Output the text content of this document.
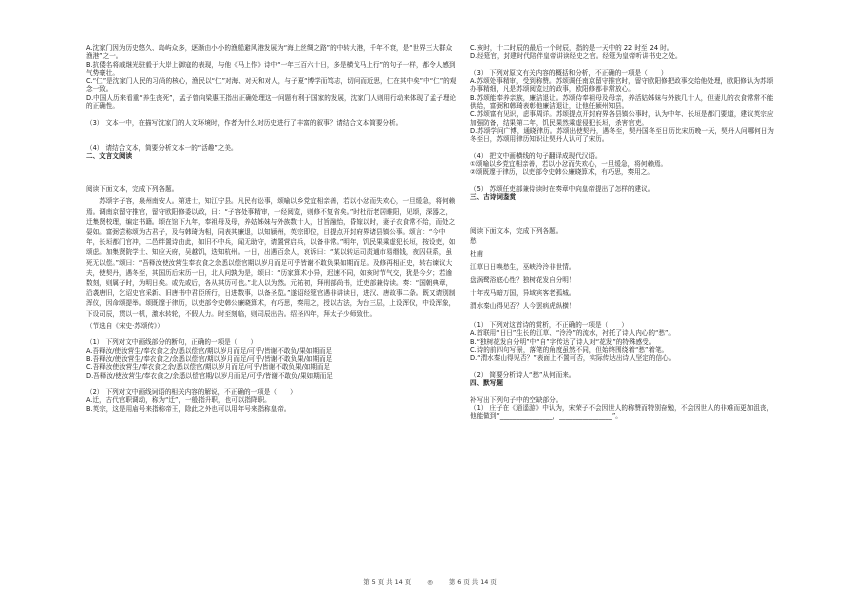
A.沈家门因为历史悠久、岛屿众多，逐渐由小小的渔船避风港发展为“海上丝绸之路”的中转大港，千年不衰，是“世界三大群众渔港”之一。

B.抗倭名将戚继光驻毅于大岸上御寇的表现，与他《马上作》诗中“一年三百六十日，多是横戈马上行”的句子一样，都令人感到气势豪壮。

C.“仁”是沈家门人民的习尚的核心，渔民以“仁”对海、对天和对人，与子夏“博学而笃志，切问而近思，仁在其中矣”中“仁”的观念一致。

D.中国人历来看重“养生丧死”，孟子曾向梁惠王指出正确处理这一问题有利于国家的发展，沈家门人则用行动来体现了孟子理论的正确性。

（3） 文本一中，在描写沈家门的人文环境时，作者为什么对历史进行了丰富的叙事？请结合文本简要分析。

（4） 请结合文本，简要分析文本一的“活趣”之美。

二、文言文阅读

阅读下面文本，完成下列各题。

苏颂字子容，泉州南安人。第进士，知江宁县。凡民有讼事，颂喻以乡党宜相亲善，若以小忿而失欢心，一旦缓急，将何赖焉。调南京留守推官，留守欧阳修委以政，曰：“子容处事精审，一经阅览，则修不复省矣。”时杜衍老居睢阳，见颂，深器之，迁集贤校理，编定书籍。颂在馆下九年，奉祖母及母，养姑姊妹与外族数十人，甘旨融怡，昏嫁以时，妻子衣食常不给，而处之晏如。富弼尝称颂为古君子，及与韩琦为相，同表其廉退，以知颍州，英宗即位，目提点开封府界诸县镇公事。颂言：“今中年，长垣都门官冲，二邑绊置诗由此，如旧不中兵，闻无助守，请置营启兵，以备非常。”明年，饥民果乘虚犯长垣，按设吏，如颂虑。加集贤院学士、知应天府，吴越饥，迭知杭州。一日，出遇百余人，哀诉曰：“某以转运司责逋市易缗钱，夜囚昼系，虽死无以偿。”颂曰：“吾释汝使汝营生奉衣食之余悉以偿官期以岁月而足可乎皆谢不敢负果如期而足。及修再相正史，转右谏议大夫，使契丹，遇冬至，其国历后宋历一日，北人问孰为是，颂曰：“历家算术小异，迟速不同，如亥时节气交，犹是今夕；若逾数刻，则属子时，为明日矣。或先或后，各从其历可也。”北人以为然。元祐初，拜刑部尚书，迁吏部兼侍读。奏：“国朝典章，沿袭唐旧，乞诏史官采新、旧唐书中君臣所行，日进数事，以备圣览。”遂诏经筵官遇非讲读日，进汉、唐故事二条。既又请别制浑仪，因命颂提举。颂既邃于律历，以吏部令史韩公廉晓算术，有巧思，奏用之，授以古法，为台三层，上设浑仪，中设浑象，下设司辰，贯以一机，激水转轮，不假人力。时至刻临，则司辰出告。绍圣四年，拜太子少师致仕。

（节选自《宋史·苏颂传》）

（1） 下列对文中画线部分的断句，正确的一项是（　　）

A.吾释汝/使汝营生/奉衣食之余/悉以偿官/期以岁月而足/可乎/皆谢不敢负/果如期而足

B.吾释汝/使汝营生/奉衣食之/余悉以偿官/期以岁月而足/可乎/皆谢不敢负果/如期而足

C.吾释汝使汝营生/奉衣食之余/悉以偿官/期以岁月而足/可乎/皆谢不敢负果/如期而足

D.吾释汝/使汝营生/奉衣食之/余悉以偿官期/以岁月而足/可乎/皆谢不敢负/果如期而足

（2） 下列对文中画线词语的相关内容的解说，不正确的一项是（　　）

A.迁，古代官职调动，称为“迁”，一般指升职，也可以指降职。

B.英宗，这是用庙号来指称帝王，除此之外也可以用年号来指称皇帝。

C.亥时，十二时辰的最后一个时辰，指的是一天中的 22 时至 24 时。

D.经筵官，封建时代陪伴皇帝讲读经史之官。经筵为皇帝听讲书史之处。

（3） 下列对原文有关内容的概括和分析，不正确的一项是（　　）

A.苏颂处事精审，受到称赞。苏颂调任南京留守推官时，留守欧阳修把政事交给他处理，欧阳修认为苏颂办事精细，凡是苏颂阅览过的政事，欧阳修都非常放心。

B.苏颂能奉养亲族，廉洁退让。苏颂侍奉祖母及母亲，养活姑姊妹与外族几十人，但妻儿的衣食常常不能供给，富弼和韩琦表彰他廉洁退让，让他任颍州知县。

C.苏颂富有见识，虑事周详。苏颂提点开封府界各县镇公事时，认为中年、长垣是都门要道，建议英宗应加强防备，结果第二年，饥民果然乘虚侵犯长垣，杀害官吏。

D.苏颂学问广博，通晓律历。苏颂出使契丹，遇冬至，契丹国冬至日历比宋历晚一天，契丹人问哪何日为冬至日，苏颂用律历知识让契丹人认可了宋历。

（4） 把文中画横线的句子翻译成现代汉语。

①颂喻以乡党宜相亲善，若以小忿而失欢心，一旦缓急，将何赖焉。

②颂既邃于律历，以吏部令史韩公廉晓算术，有巧思，奏用之。

（5） 苏颂任吏部兼侍读时在奏章中向皇帝提出了怎样的建议。

三、古诗词鉴赏

阅读下面文本，完成下列各题。

愁

杜甫

江草日日唤愁生，巫峡泠泠非世情。

盘涡鹭浴底心性？独树花发自分明！

十年戎马暗万国，异域宾客老孤城。

渭水秦山得见否？人今罢病虎纵横！

（1） 下列对这首诗的赏析，不正确的一项是（　　）

A.首联用“日日”生长的江草、“泠泠”的流水，衬托了诗人内心的“愁”。

B.“独树花发自分明”中“自”字传达了诗人对“花发”的特殊感受。

C.诗的前四句写景，落笔的角度虽然不同，但始终围绕着“愁”着笔。

D.“渭水秦山得见否？”表面上不置可否，实际传达出诗人坚定的信心。

（2） 简要分析诗人“愁”从何而来。

四、默写题

补写出下列句子中的空缺部分。

（1） 庄子在《逍遥游》中认为，宋荣子不会因世人的称赞而特别奋勉，不会因世人的非难而更加沮丧，他能做到“________________，________________”。

第 5 页 共 14 页	◎	第 6 页 共 14 页
